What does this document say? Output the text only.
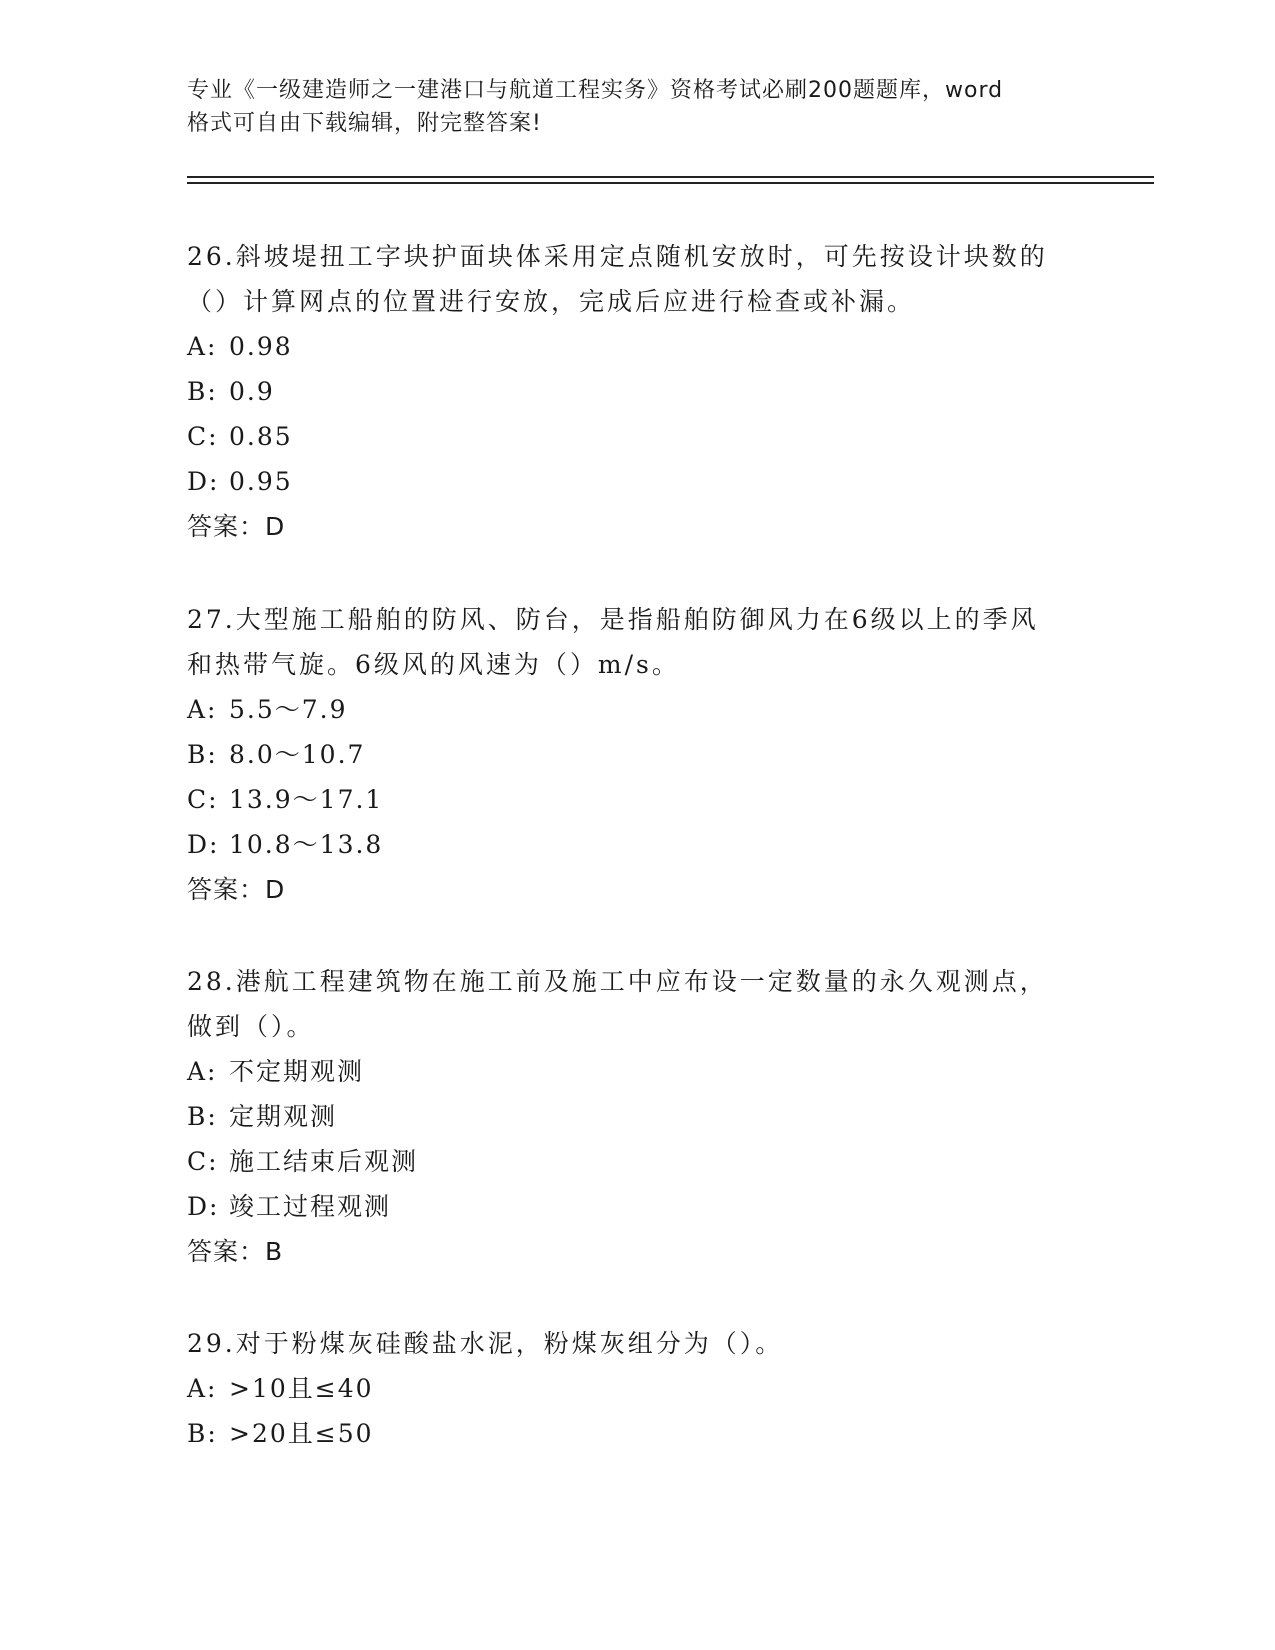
专业《一级建造师之一建港口与航道工程实务》资格考试必刷200题题库，word
格式可自由下载编辑，附完整答案!

26.斜坡堤扭工字块护面块体采用定点随机安放时，可先按设计块数的
（）计算网点的位置进行安放，完成后应进行检查或补漏。

A: 0.98

B: 0.9

C: 0.85

D: 0.95

答案：D

27.大型施工船舶的防风、防台，是指船舶防御风力在6级以上的季风
和热带气旋。6级风的风速为（）m/s。

A: 5.5～7.9

B: 8.0～10.7

C: 13.9～17.1

D: 10.8～13.8

答案：D

28.港航工程建筑物在施工前及施工中应布设一定数量的永久观测点，
做到（）。

A: 不定期观测

B: 定期观测

C: 施工结束后观测

D: 竣工过程观测

答案：B

29.对于粉煤灰硅酸盐水泥，粉煤灰组分为（）。

A: >10且≤40

B: >20且≤50
